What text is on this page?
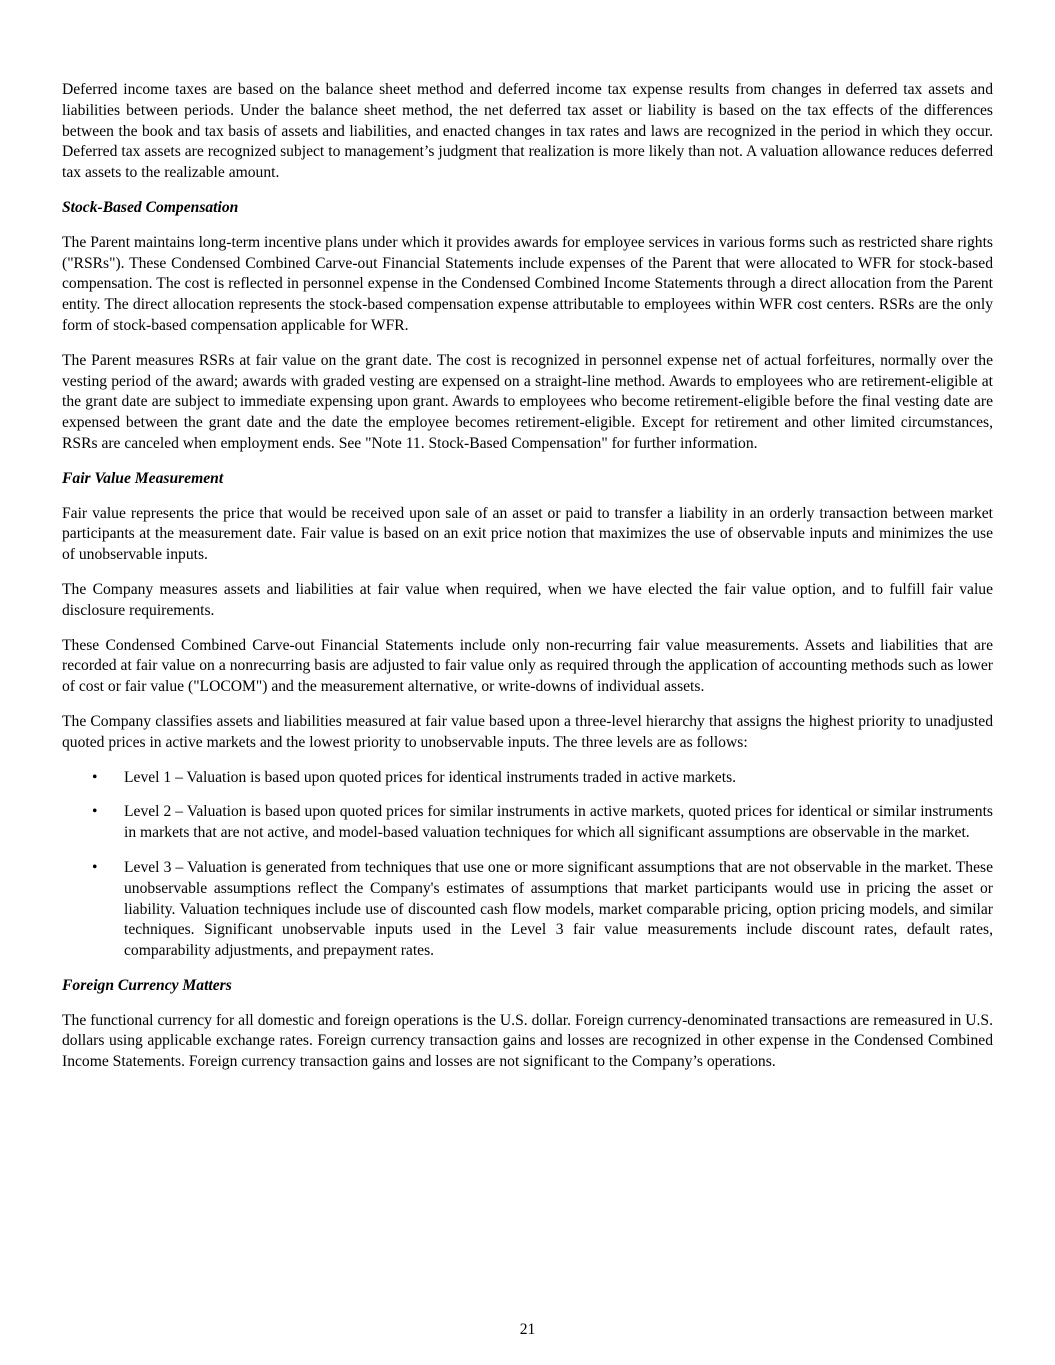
Deferred income taxes are based on the balance sheet method and deferred income tax expense results from changes in deferred tax assets and liabilities between periods. Under the balance sheet method, the net deferred tax asset or liability is based on the tax effects of the differences between the book and tax basis of assets and liabilities, and enacted changes in tax rates and laws are recognized in the period in which they occur. Deferred tax assets are recognized subject to management’s judgment that realization is more likely than not. A valuation allowance reduces deferred tax assets to the realizable amount.

Stock-Based Compensation

The Parent maintains long-term incentive plans under which it provides awards for employee services in various forms such as restricted share rights ("RSRs"). These Condensed Combined Carve-out Financial Statements include expenses of the Parent that were allocated to WFR for stock-based compensation. The cost is reflected in personnel expense in the Condensed Combined Income Statements through a direct allocation from the Parent entity. The direct allocation represents the stock-based compensation expense attributable to employees within WFR cost centers. RSRs are the only form of stock-based compensation applicable for WFR.

The Parent measures RSRs at fair value on the grant date. The cost is recognized in personnel expense net of actual forfeitures, normally over the vesting period of the award; awards with graded vesting are expensed on a straight-line method. Awards to employees who are retirement-eligible at the grant date are subject to immediate expensing upon grant. Awards to employees who become retirement-eligible before the final vesting date are expensed between the grant date and the date the employee becomes retirement-eligible. Except for retirement and other limited circumstances, RSRs are canceled when employment ends. See "Note 11. Stock-Based Compensation" for further information.

Fair Value Measurement

Fair value represents the price that would be received upon sale of an asset or paid to transfer a liability in an orderly transaction between market participants at the measurement date. Fair value is based on an exit price notion that maximizes the use of observable inputs and minimizes the use of unobservable inputs.

The Company measures assets and liabilities at fair value when required, when we have elected the fair value option, and to fulfill fair value disclosure requirements.

These Condensed Combined Carve-out Financial Statements include only non-recurring fair value measurements. Assets and liabilities that are recorded at fair value on a nonrecurring basis are adjusted to fair value only as required through the application of accounting methods such as lower of cost or fair value ("LOCOM") and the measurement alternative, or write-downs of individual assets.

The Company classifies assets and liabilities measured at fair value based upon a three-level hierarchy that assigns the highest priority to unadjusted quoted prices in active markets and the lowest priority to unobservable inputs. The three levels are as follows:

• Level 1 – Valuation is based upon quoted prices for identical instruments traded in active markets.
• Level 2 – Valuation is based upon quoted prices for similar instruments in active markets, quoted prices for identical or similar instruments in markets that are not active, and model-based valuation techniques for which all significant assumptions are observable in the market.
• Level 3 – Valuation is generated from techniques that use one or more significant assumptions that are not observable in the market. These unobservable assumptions reflect the Company's estimates of assumptions that market participants would use in pricing the asset or liability. Valuation techniques include use of discounted cash flow models, market comparable pricing, option pricing models, and similar techniques. Significant unobservable inputs used in the Level 3 fair value measurements include discount rates, default rates, comparability adjustments, and prepayment rates.

Foreign Currency Matters

The functional currency for all domestic and foreign operations is the U.S. dollar. Foreign currency-denominated transactions are remeasured in U.S. dollars using applicable exchange rates. Foreign currency transaction gains and losses are recognized in other expense in the Condensed Combined Income Statements. Foreign currency transaction gains and losses are not significant to the Company’s operations.

21
